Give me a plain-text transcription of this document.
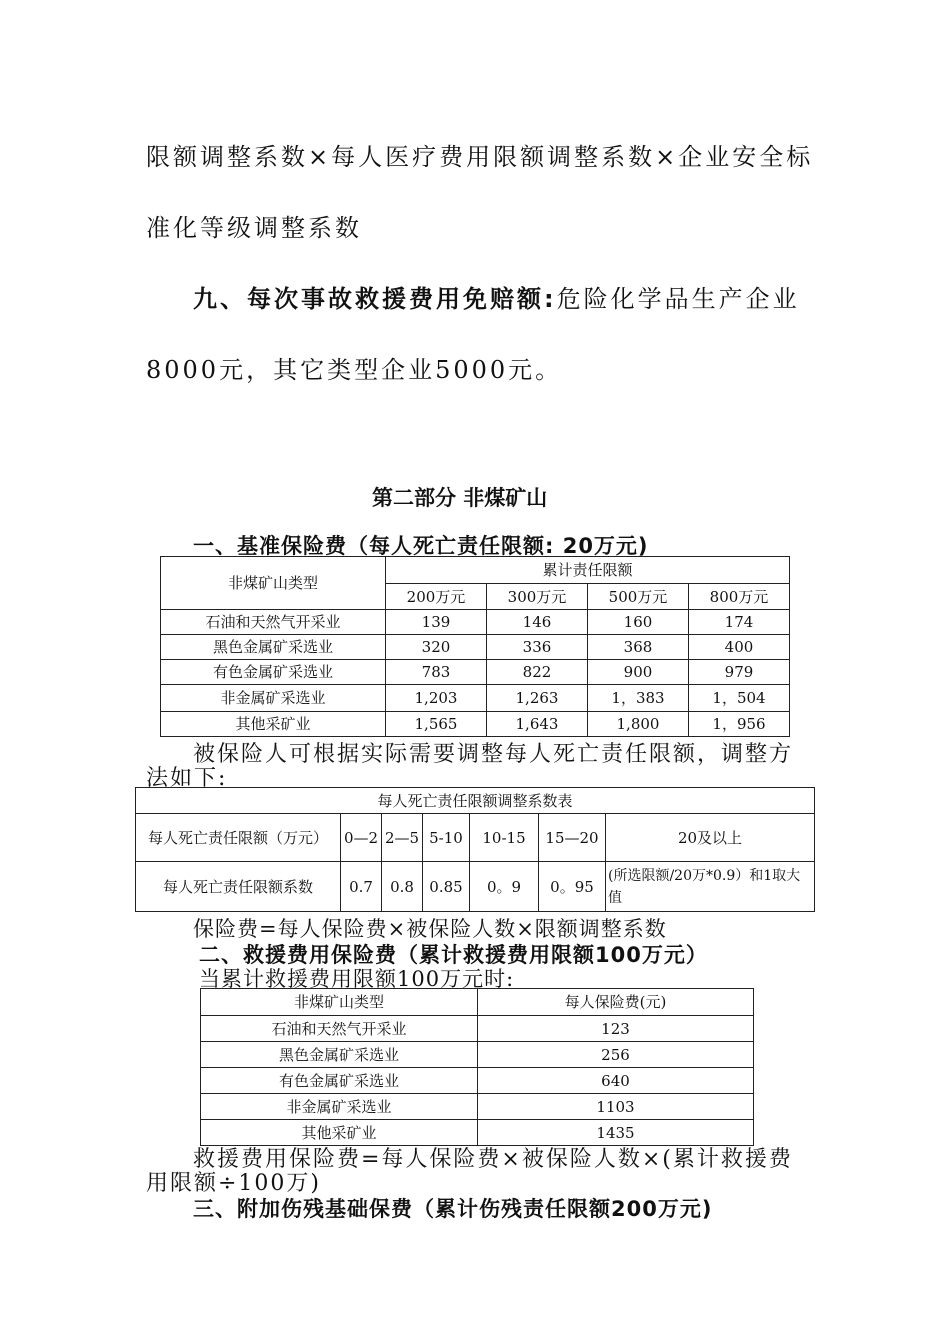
限额调整系数×每人医疗费用限额调整系数×企业安全标
准化等级调整系数
九、每次事故救援费用免赔额:危险化学品生产企业
8000元，其它类型企业5000元。
第二部分 非煤矿山
一、基准保险费（每人死亡责任限额: 20万元)
非煤矿山类型	累计责任限额			
	200万元	300万元	500万元	800万元
石油和天然气开采业	139	146	160	174
黑色金属矿采选业	320	336	368	400
有色金属矿采选业	783	822	900	979
非金属矿采选业	1,203	1,263	1，383	1，504
其他采矿业	1,565	1,643	1,800	1，956
被保险人可根据实际需要调整每人死亡责任限额，调整方
法如下:
每人死亡责任限额调整系数表						
每人死亡责任限额（万元）	0—2	2—5	5-10	10-15	15—20	20及以上
每人死亡责任限额系数	0.7	0.8	0.85	0。9	0。95	(所选限额/20万*0.9）和1取大值
保险费=每人保险费×被保险人数×限额调整系数
二、救援费用保险费（累计救援费用限额100万元）
当累计救援费用限额100万元时:
非煤矿山类型	每人保险费(元)
石油和天然气开采业	123
黑色金属矿采选业	256
有色金属矿采选业	640
非金属矿采选业	1103
其他采矿业	1435
救援费用保险费=每人保险费×被保险人数×(累计救援费
用限额÷100万)
三、附加伤残基础保费（累计伤残责任限额200万元)
